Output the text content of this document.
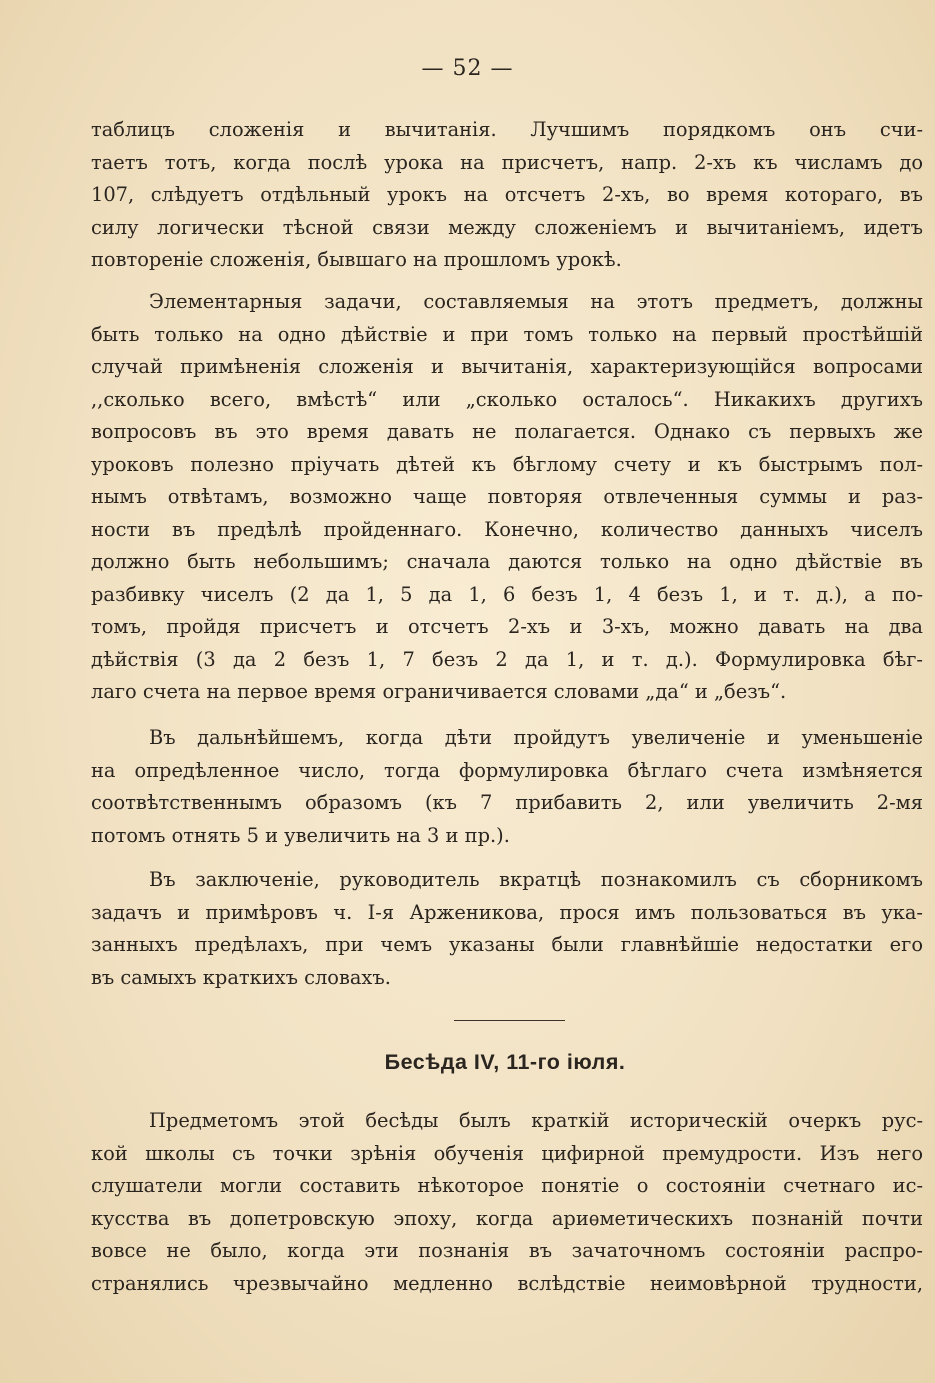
— 52 —
таблицъ сложенія и вычитанія. Лучшимъ порядкомъ онъ счи-
таетъ тотъ, когда послѣ урока на присчетъ, напр. 2-хъ къ числамъ до
107, слѣдуетъ отдѣльный урокъ на отсчетъ 2-хъ, во время котораго, въ
силу логически тѣсной связи между сложеніемъ и вычитаніемъ, идетъ
повтореніе сложенія, бывшаго на прошломъ урокѣ.
Элементарныя задачи, составляемыя на этотъ предметъ, должны
быть только на одно дѣйствіе и при томъ только на первый простѣйшій
случай примѣненія сложенія и вычитанія, характеризующійся вопросами
,,сколько всего, вмѣстѣ“ или „сколько осталось“. Никакихъ другихъ
вопросовъ въ это время давать не полагается. Однако съ первыхъ же
уроковъ полезно пріучать дѣтей къ бѣглому счету и къ быстрымъ пол-
нымъ отвѣтамъ, возможно чаще повторяя отвлеченныя суммы и раз-
ности въ предѣлѣ пройденнаго. Конечно, количество данныхъ чиселъ
должно быть небольшимъ; сначала даются только на одно дѣйствіе въ
разбивку чиселъ (2 да 1, 5 да 1, 6 безъ 1, 4 безъ 1, и т. д.), а по-
томъ, пройдя присчетъ и отсчетъ 2-хъ и 3-хъ, можно давать на два
дѣйствія (3 да 2 безъ 1, 7 безъ 2 да 1, и т. д.). Формулировка бѣг-
лаго счета на первое время ограничивается словами „да“ и „безъ“.
Въ дальнѣйшемъ, когда дѣти пройдутъ увеличеніе и уменьшеніе
на опредѣленное число, тогда формулировка бѣглаго счета измѣняется
соотвѣтственнымъ образомъ (къ 7 прибавить 2, или увеличить 2-мя
потомъ отнять 5 и увеличить на 3 и пр.).
Въ заключеніе, руководитель вкратцѣ познакомилъ съ сборникомъ
задачъ и примѣровъ ч. І-я Арженикова, прося имъ пользоваться въ ука-
занныхъ предѣлахъ, при чемъ указаны были главнѣйшіе недостатки его
въ самыхъ краткихъ словахъ.
Бесѣда IV, 11-го іюля.
Предметомъ этой бесѣды былъ краткій историческій очеркъ рус-
кой школы съ точки зрѣнія обученія цифирной премудрости. Изъ него
слушатели могли составить нѣкоторое понятіе о состояніи счетнаго ис-
кусства въ допетровскую эпоху, когда ариѳметическихъ познаній почти
вовсе не было, когда эти познанія въ зачаточномъ состояніи распро-
странялись чрезвычайно медленно вслѣдствіе неимовѣрной трудности,
